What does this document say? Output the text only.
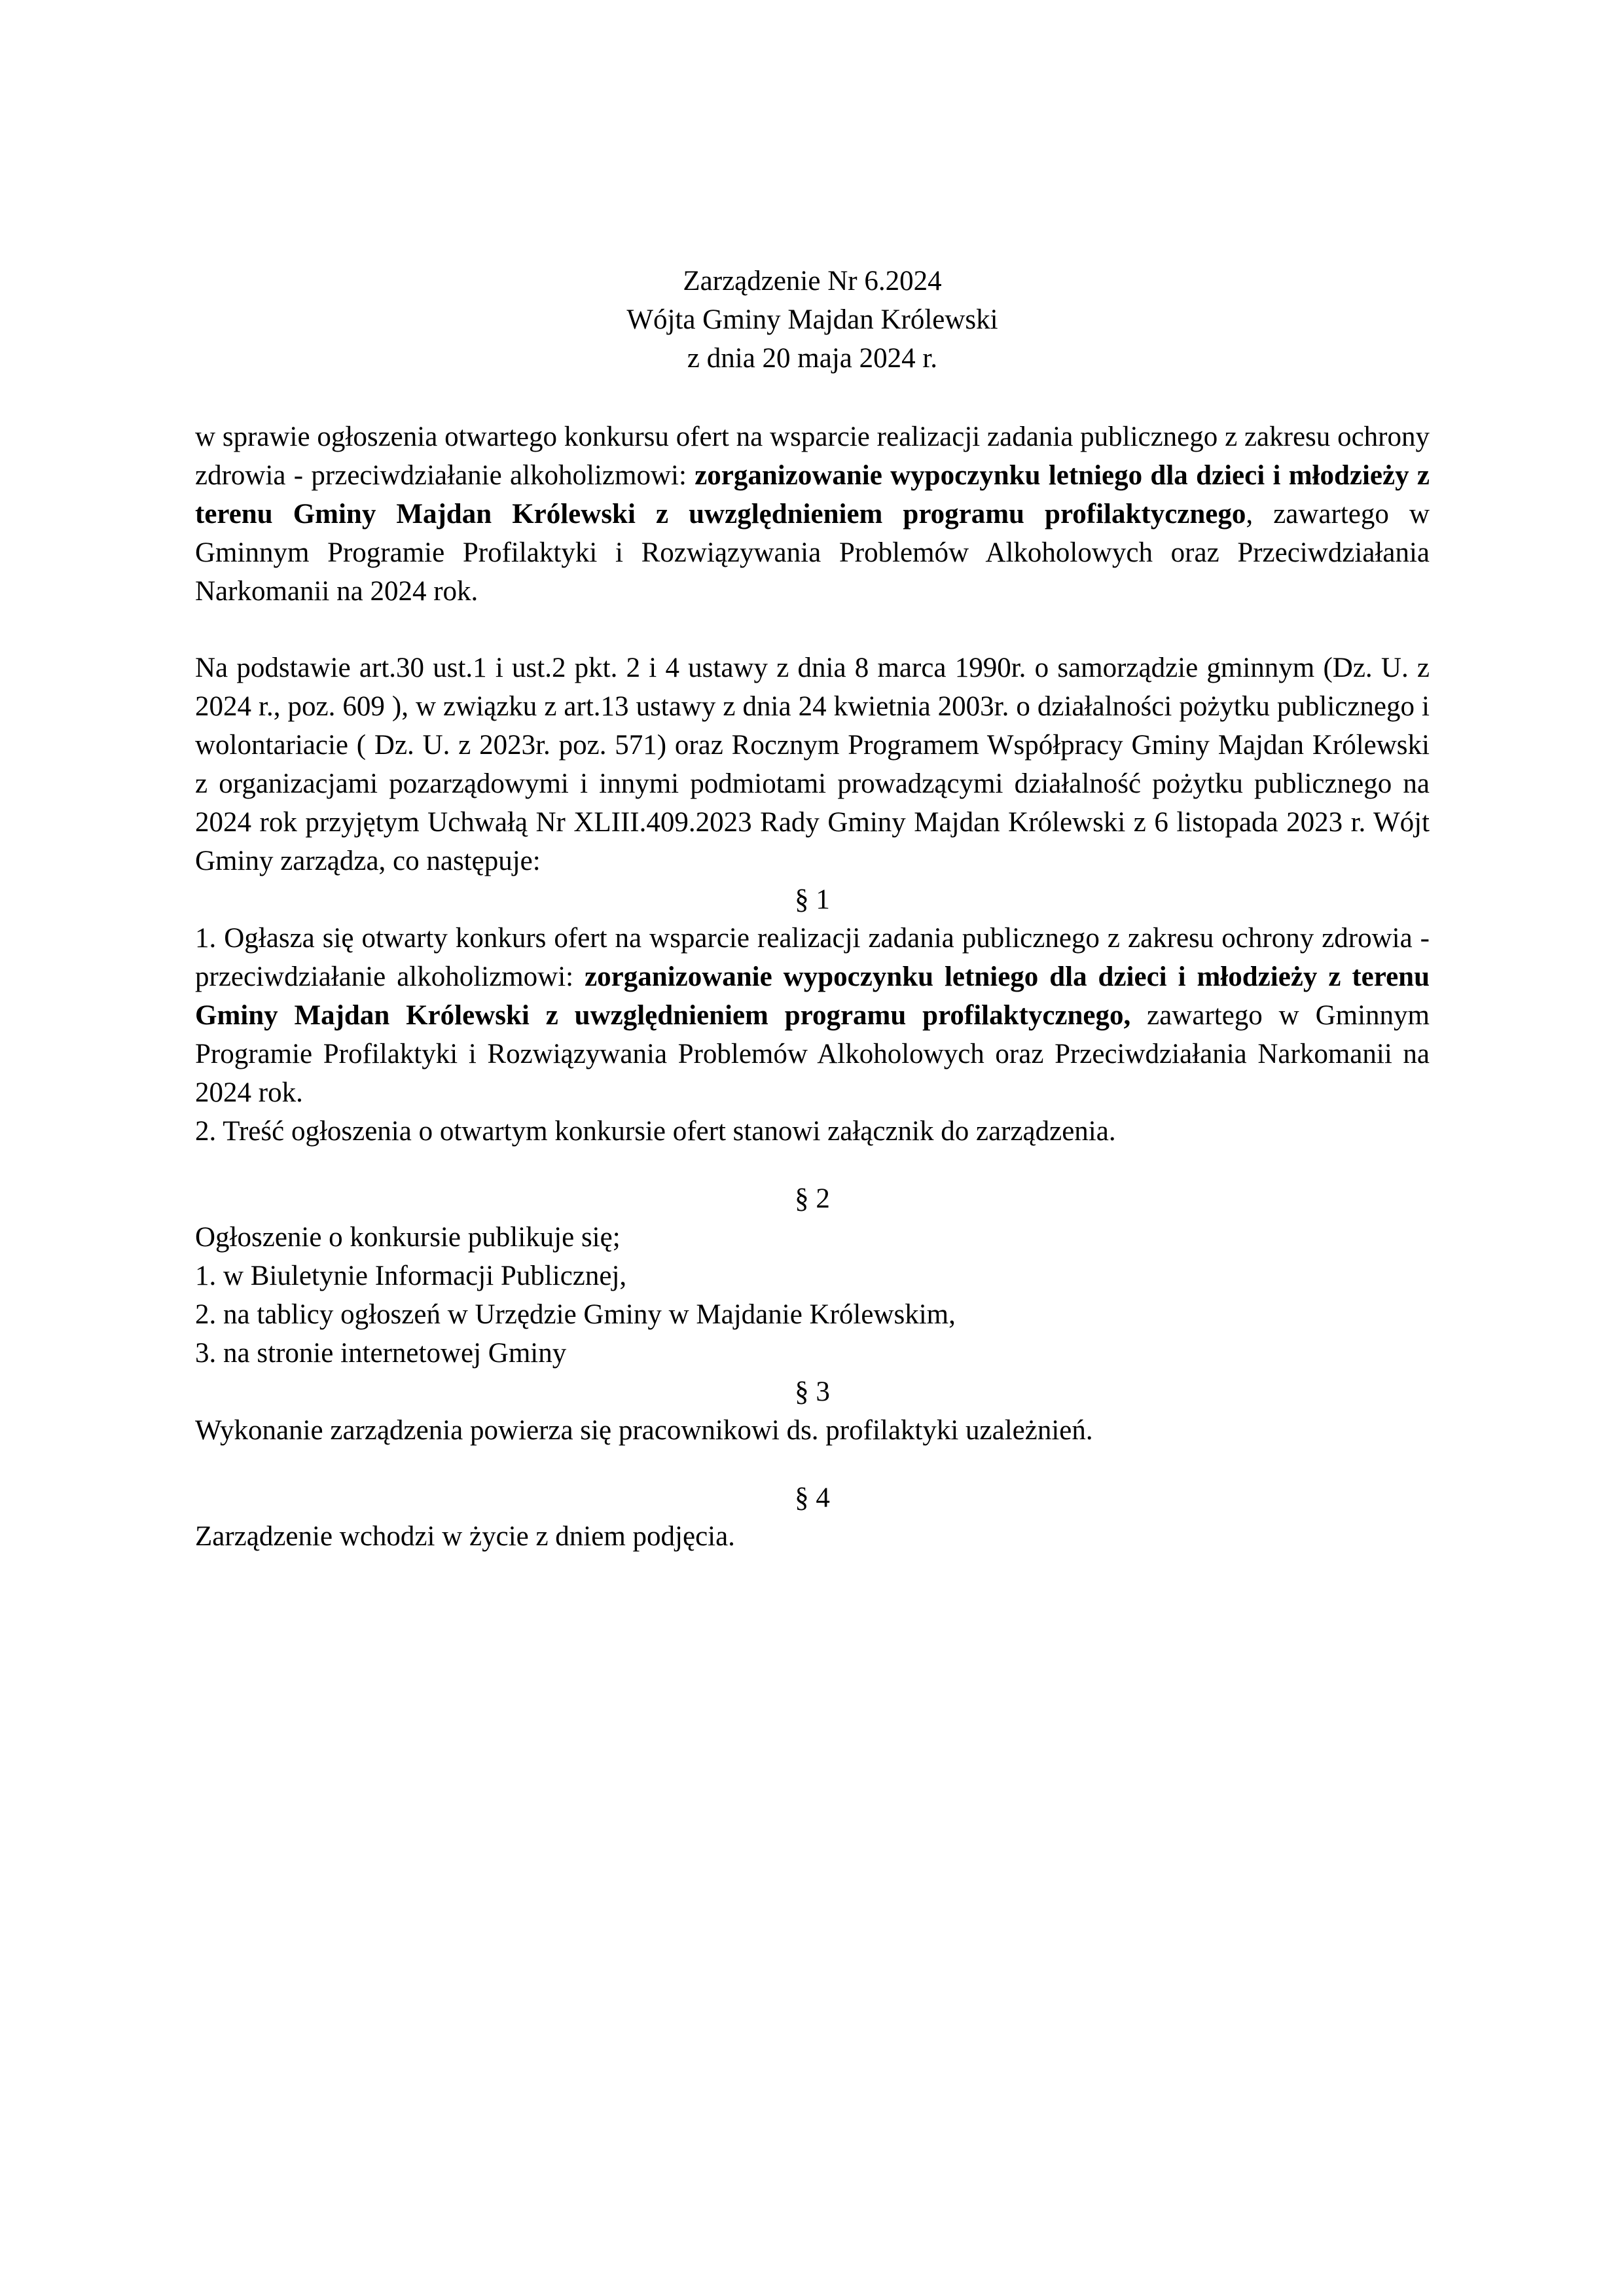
Zarządzenie Nr 6.2024
Wójta Gminy Majdan Królewski
z dnia 20 maja 2024 r.

w sprawie ogłoszenia otwartego konkursu ofert na wsparcie realizacji zadania publicznego z zakresu ochrony zdrowia - przeciwdziałanie alkoholizmowi: zorganizowanie wypoczynku letniego dla dzieci i młodzieży z terenu Gminy Majdan Królewski z uwzględnieniem programu profilaktycznego, zawartego w Gminnym Programie Profilaktyki i Rozwiązywania Problemów Alkoholowych oraz Przeciwdziałania Narkomanii na 2024 rok.

Na podstawie art.30 ust.1 i ust.2 pkt. 2 i 4 ustawy z dnia 8 marca 1990r. o samorządzie gminnym (Dz. U. z 2024 r., poz. 609 ), w związku z art.13 ustawy z dnia 24 kwietnia 2003r. o działalności pożytku publicznego i wolontariacie ( Dz. U. z 2023r. poz. 571) oraz Rocznym Programem Współpracy Gminy Majdan Królewski z organizacjami pozarządowymi i innymi podmiotami prowadzącymi działalność pożytku publicznego na 2024 rok przyjętym Uchwałą Nr XLIII.409.2023 Rady Gminy Majdan Królewski z 6 listopada 2023 r. Wójt Gminy zarządza, co następuje:

§ 1

1. Ogłasza się otwarty konkurs ofert na wsparcie realizacji zadania publicznego z zakresu ochrony zdrowia - przeciwdziałanie alkoholizmowi: zorganizowanie wypoczynku letniego dla dzieci i młodzieży z terenu Gminy Majdan Królewski z uwzględnieniem programu profilaktycznego, zawartego w Gminnym Programie Profilaktyki i Rozwiązywania Problemów Alkoholowych oraz Przeciwdziałania Narkomanii na 2024 rok.

2. Treść ogłoszenia o otwartym konkursie ofert stanowi załącznik do zarządzenia.

§ 2

Ogłoszenie o konkursie publikuje się;

1. w Biuletynie Informacji Publicznej,

2. na tablicy ogłoszeń w Urzędzie Gminy w Majdanie Królewskim,

3. na stronie internetowej Gminy

§ 3

Wykonanie zarządzenia powierza się pracownikowi ds. profilaktyki uzależnień.

§ 4

Zarządzenie wchodzi w życie z dniem podjęcia.
